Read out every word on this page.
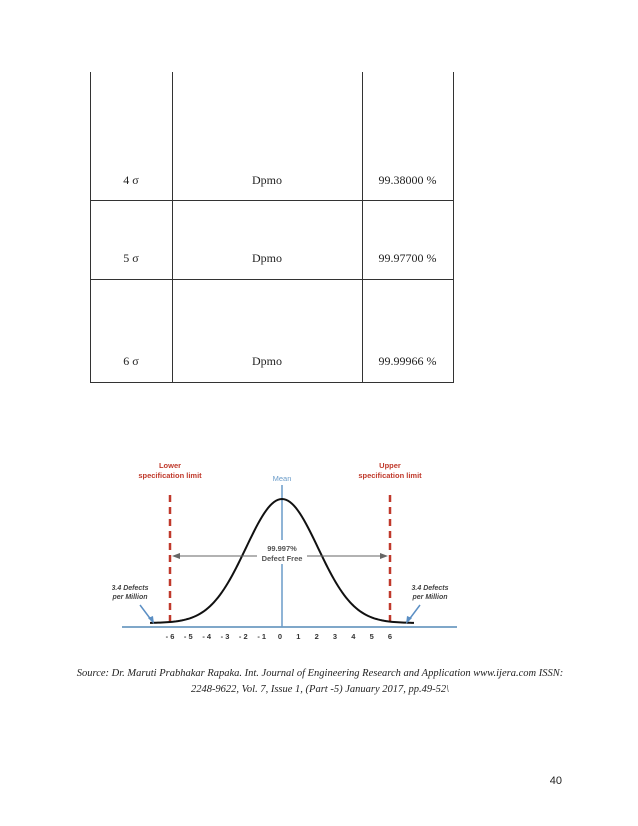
4 σ	Dpmo	99.38000 %
5 σ	Dpmo	99.97700 %
6 σ	Dpmo	99.99966 %
Lower
specification limit
Upper
specification limit
Mean
99.997%
Defect Free
3.4 Defects
per Million
3.4 Defects
per Million
- 6 - 5 - 4 - 3 - 2 - 1 0 1 2 3 4 5 6
Source: Dr. Maruti Prabhakar Rapaka. Int. Journal of Engineering Research and Application www.ijera.com ISSN:
2248-9622, Vol. 7, Issue 1, (Part -5) January 2017, pp.49-52\
40
